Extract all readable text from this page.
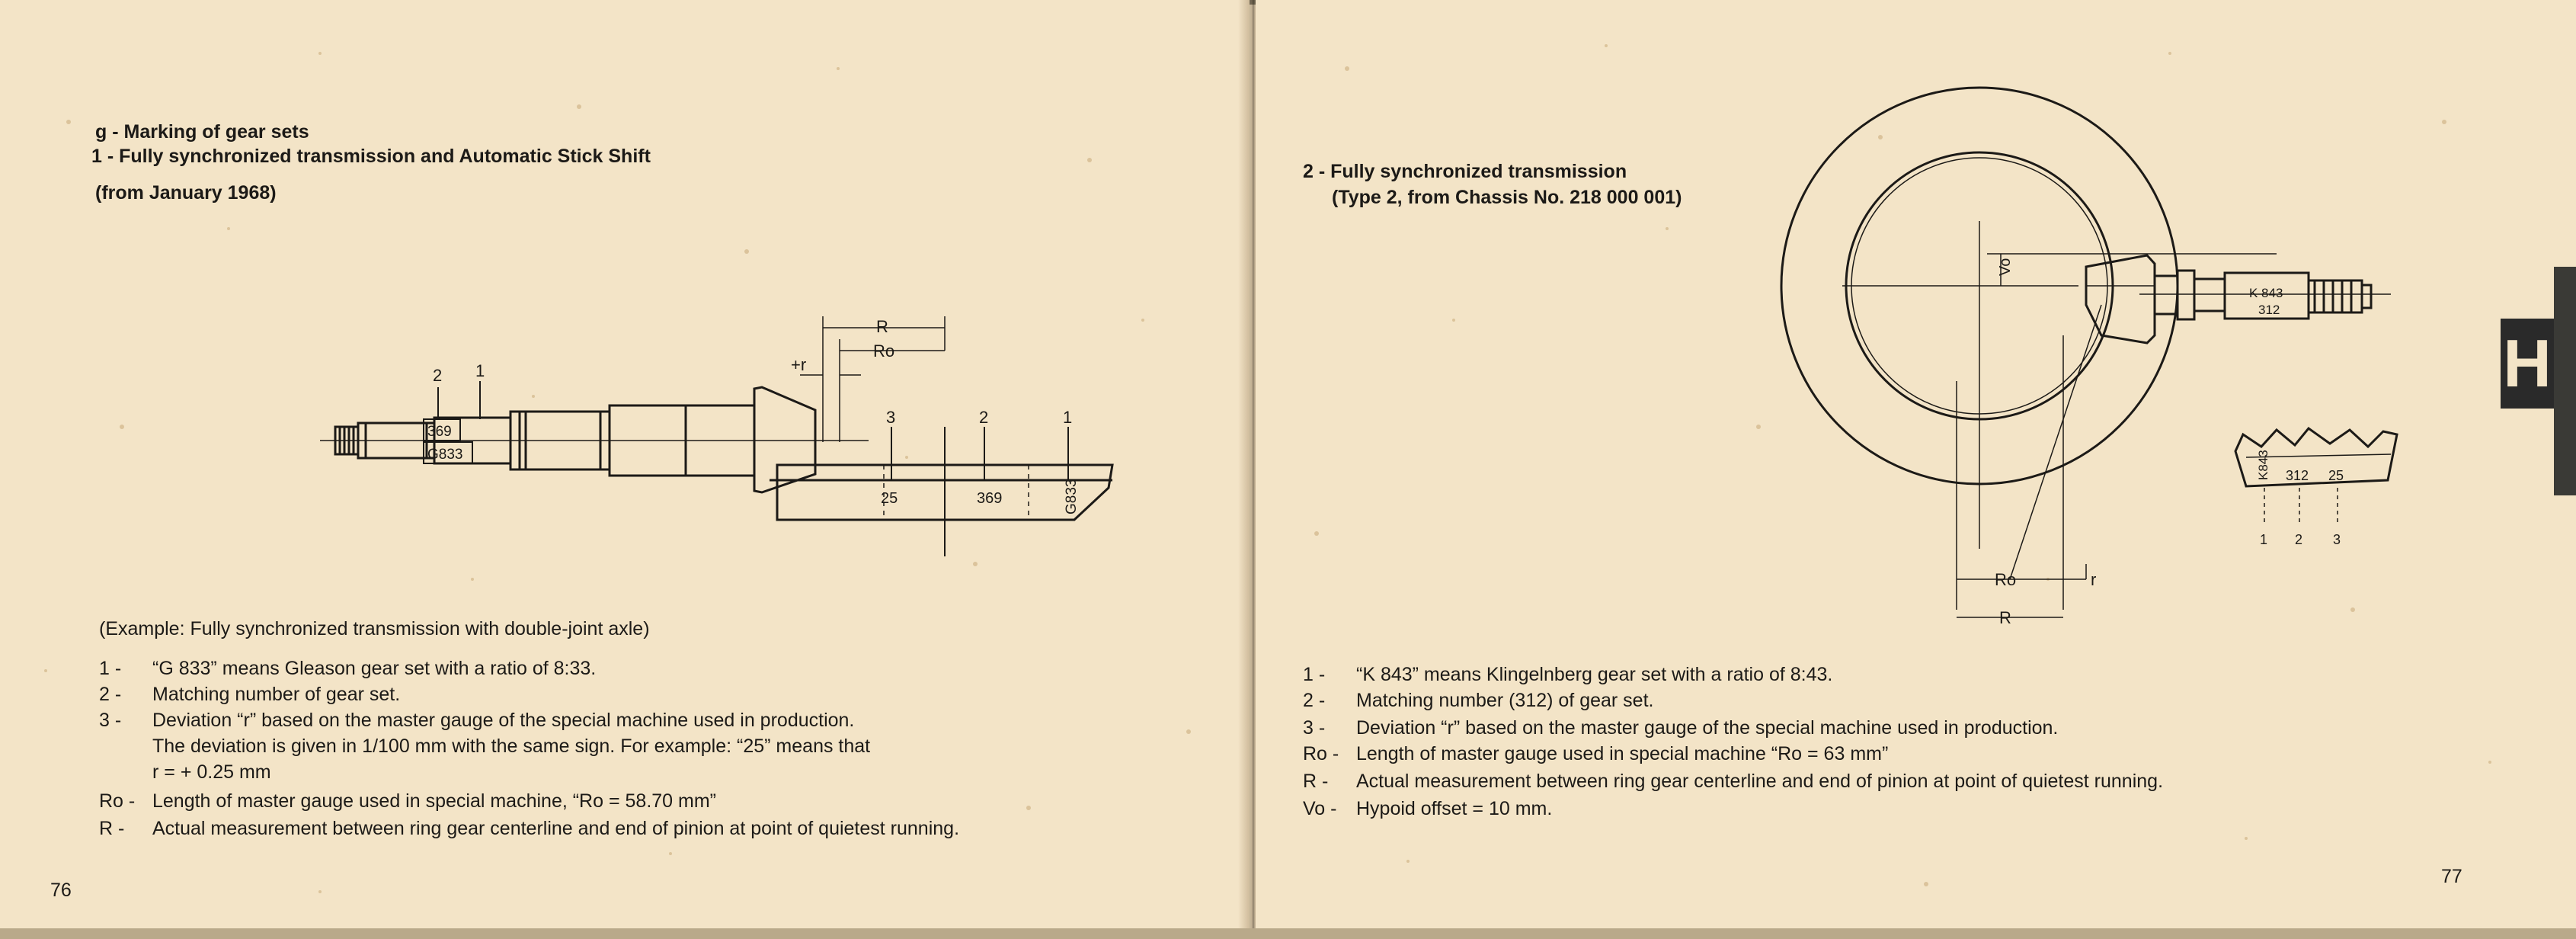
g - Marking of gear sets
1 - Fully synchronized transmission and Automatic Stick Shift
(from January 1968)
R
Ro
+r
2 1
369
G833
3	2	1
25	369	G833
(Example: Fully synchronized transmission with double-joint axle)
1 - “G 833” means Gleason gear set with a ratio of 8:33.
2 - Matching number of gear set.
3 - Deviation “r” based on the master gauge of the special machine used in production.
The deviation is given in 1/100 mm with the same sign. For example: “25” means that
r = + 0.25 mm
Ro - Length of master gauge used in special machine, “Ro = 58.70 mm”
R - Actual measurement between ring gear centerline and end of pinion at point of quietest running.
76
2 - Fully synchronized transmission
(Type 2, from Chassis No. 218 000 001)
Vo
Ro
R
r
K 843
312
K843 312 25
1 2 3
1 - “K 843” means Klingelnberg gear set with a ratio of 8:43.
2 - Matching number (312) of gear set.
3 - Deviation “r” based on the master gauge of the special machine used in production.
Ro - Length of master gauge used in special machine “Ro = 63 mm”
R - Actual measurement between ring gear centerline and end of pinion at point of quietest running.
Vo - Hypoid offset = 10 mm.
77
H
